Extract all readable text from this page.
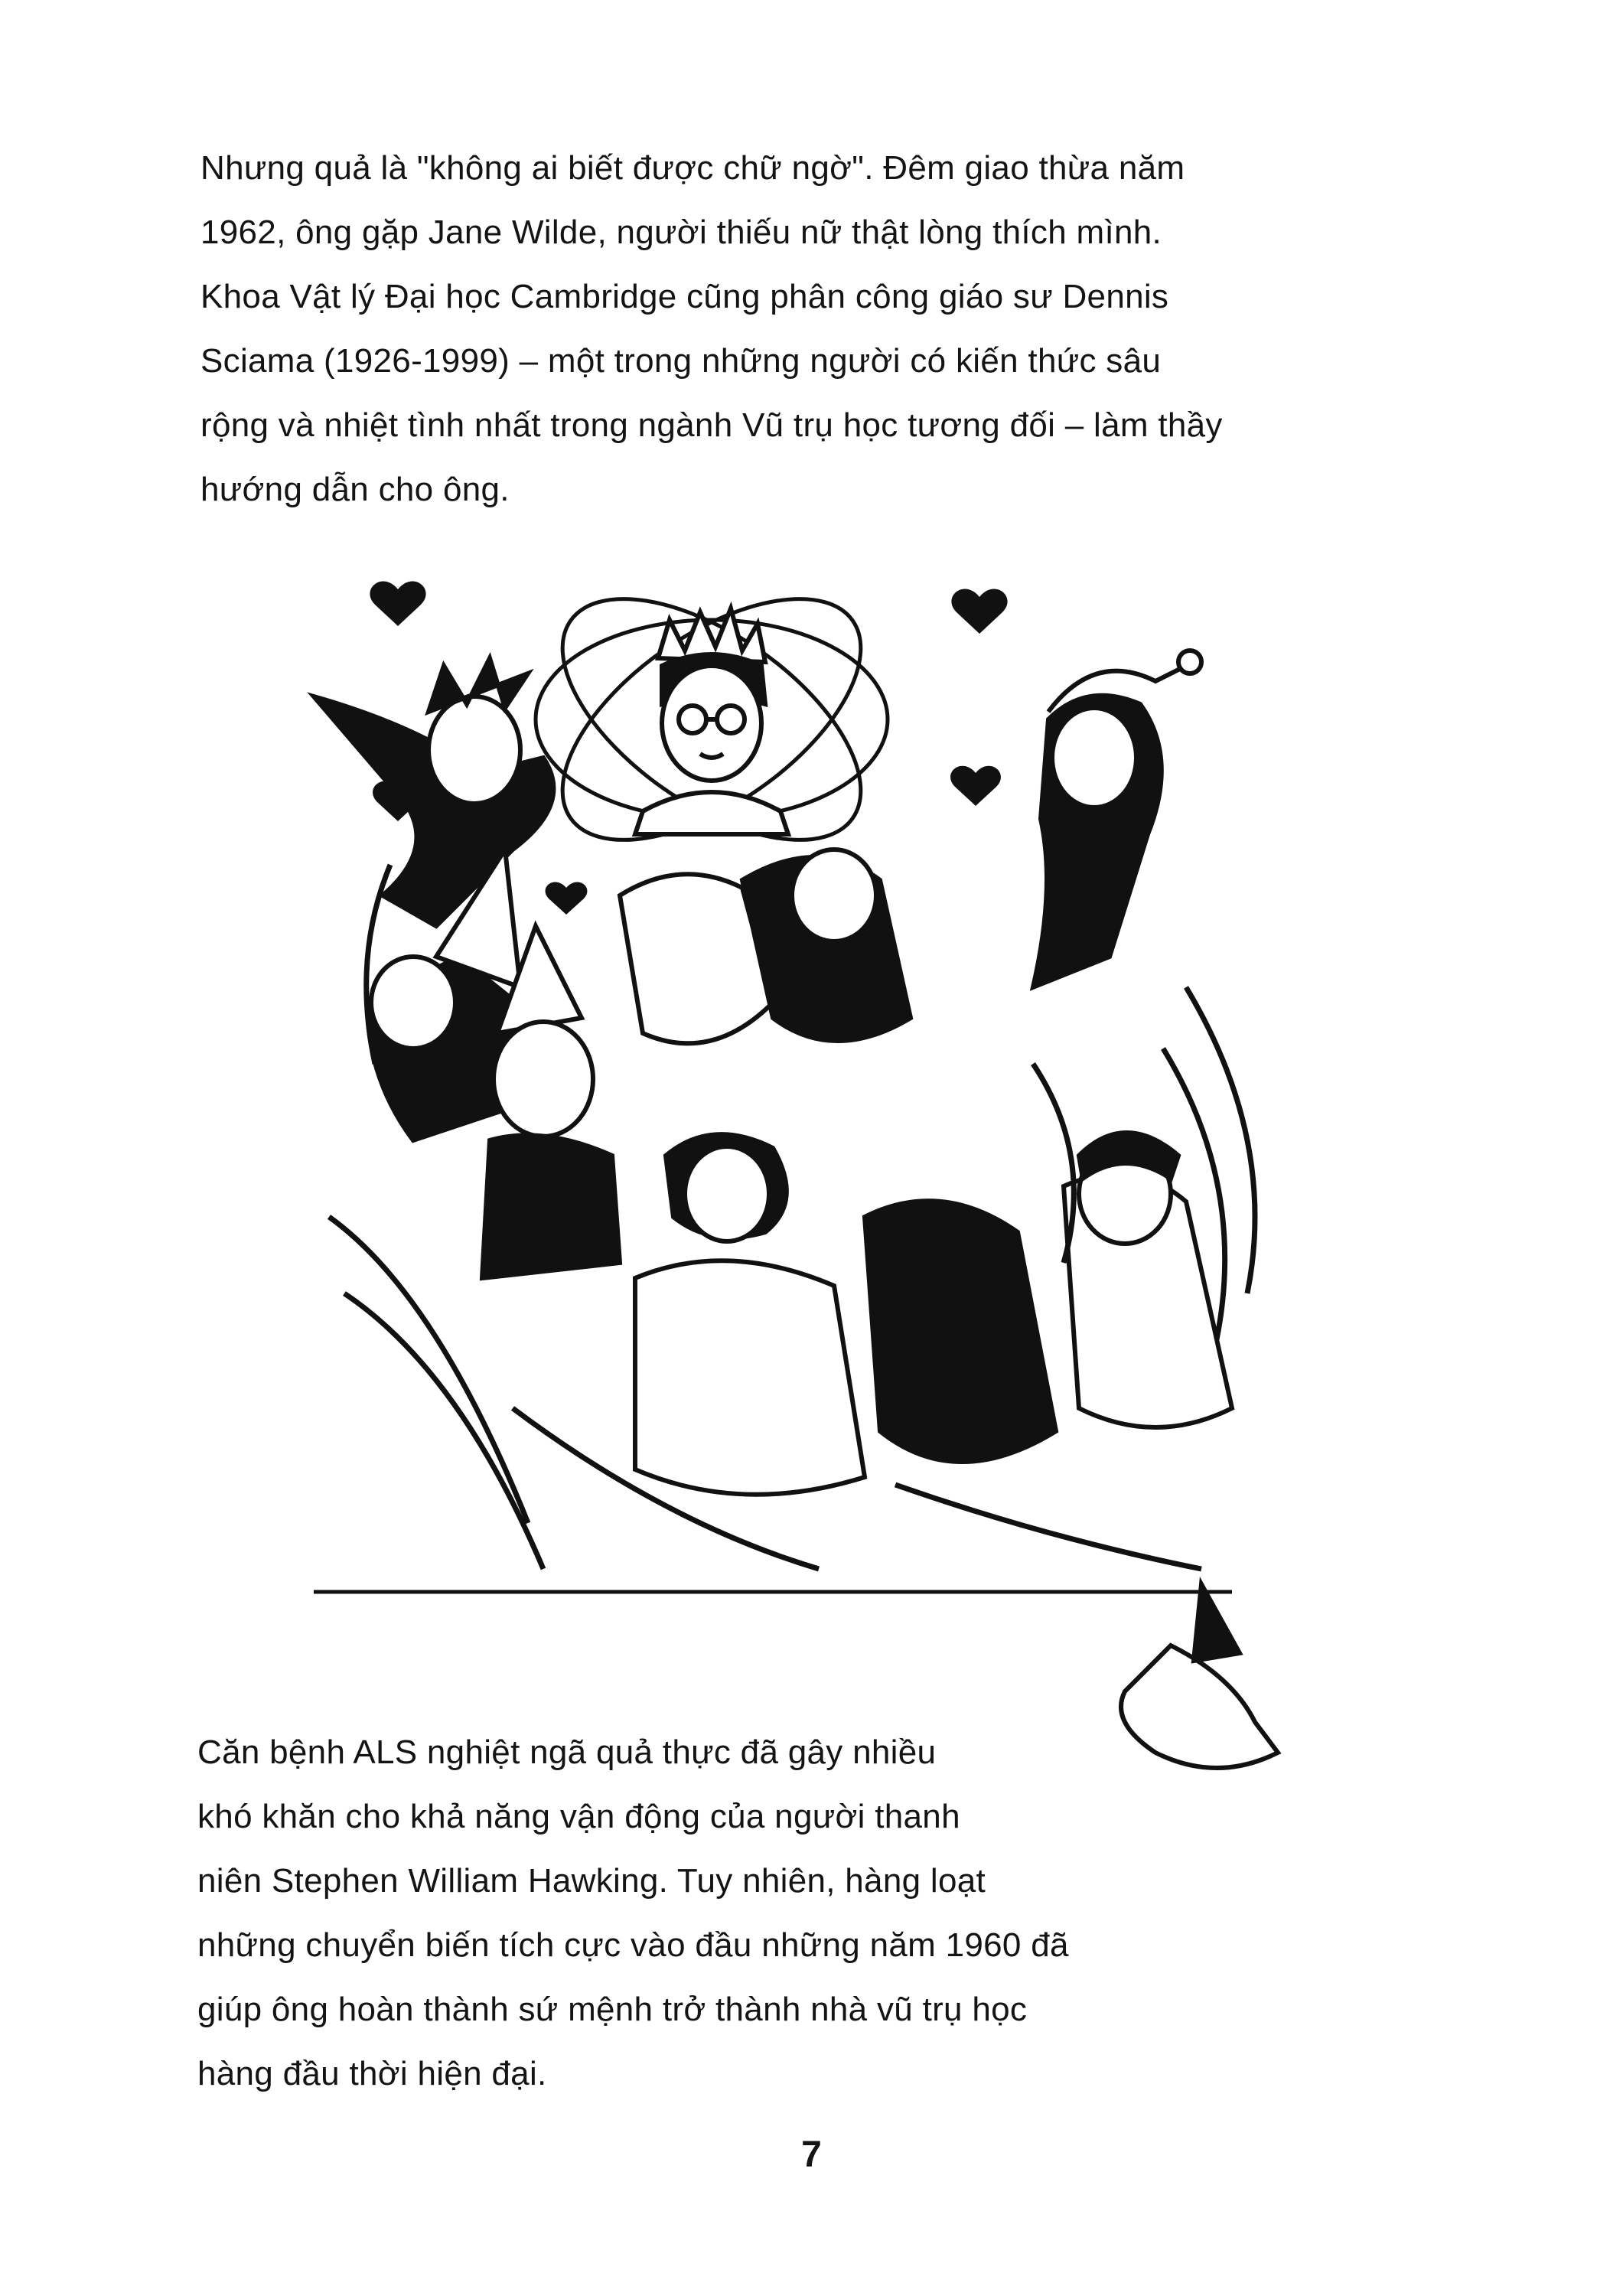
Nhưng quả là "không ai biết được chữ ngờ". Đêm giao thừa năm
1962, ông gặp Jane Wilde, người thiếu nữ thật lòng thích mình.
Khoa Vật lý Đại học Cambridge cũng phân công giáo sư Dennis
Sciama (1926-1999) – một trong những người có kiến thức sâu
rộng và nhiệt tình nhất trong ngành Vũ trụ học tương đối – làm thầy
hướng dẫn cho ông.
Căn bệnh ALS nghiệt ngã quả thực đã gây nhiều
khó khăn cho khả năng vận động của người thanh
niên Stephen William Hawking. Tuy nhiên, hàng loạt
những chuyển biến tích cực vào đầu những năm 1960 đã
giúp ông hoàn thành sứ mệnh trở thành nhà vũ trụ học
hàng đầu thời hiện đại.
7
